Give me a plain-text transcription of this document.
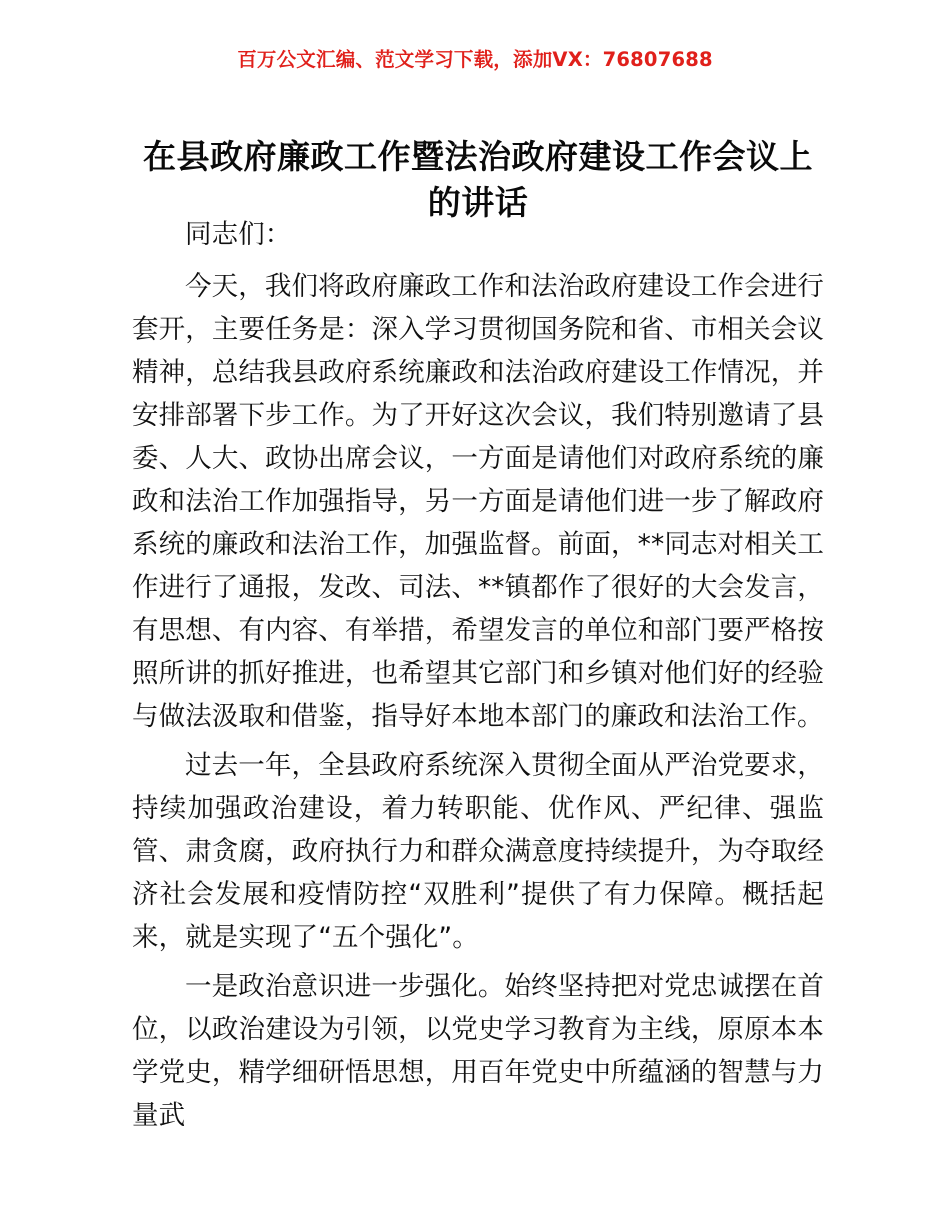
百万公文汇编、范文学习下载，添加VX：76807688
在县政府廉政工作暨法治政府建设工作会议上的讲话

同志们：

今天，我们将政府廉政工作和法治政府建设工作会进行套开，主要任务是：深入学习贯彻国务院和省、市相关会议精神，总结我县政府系统廉政和法治政府建设工作情况，并安排部署下步工作。为了开好这次会议，我们特别邀请了县委、人大、政协出席会议，一方面是请他们对政府系统的廉政和法治工作加强指导，另一方面是请他们进一步了解政府系统的廉政和法治工作，加强监督。前面，**同志对相关工作进行了通报，发改、司法、**镇都作了很好的大会发言，有思想、有内容、有举措，希望发言的单位和部门要严格按照所讲的抓好推进，也希望其它部门和乡镇对他们好的经验与做法汲取和借鉴，指导好本地本部门的廉政和法治工作。

过去一年，全县政府系统深入贯彻全面从严治党要求，持续加强政治建设，着力转职能、优作风、严纪律、强监管、肃贪腐，政府执行力和群众满意度持续提升，为夺取经济社会发展和疫情防控“双胜利”提供了有力保障。概括起来，就是实现了“五个强化”。

一是政治意识进一步强化。始终坚持把对党忠诚摆在首位，以政治建设为引领，以党史学习教育为主线，原原本本学党史，精学细研悟思想，用百年党史中所蕴涵的智慧与力量武
